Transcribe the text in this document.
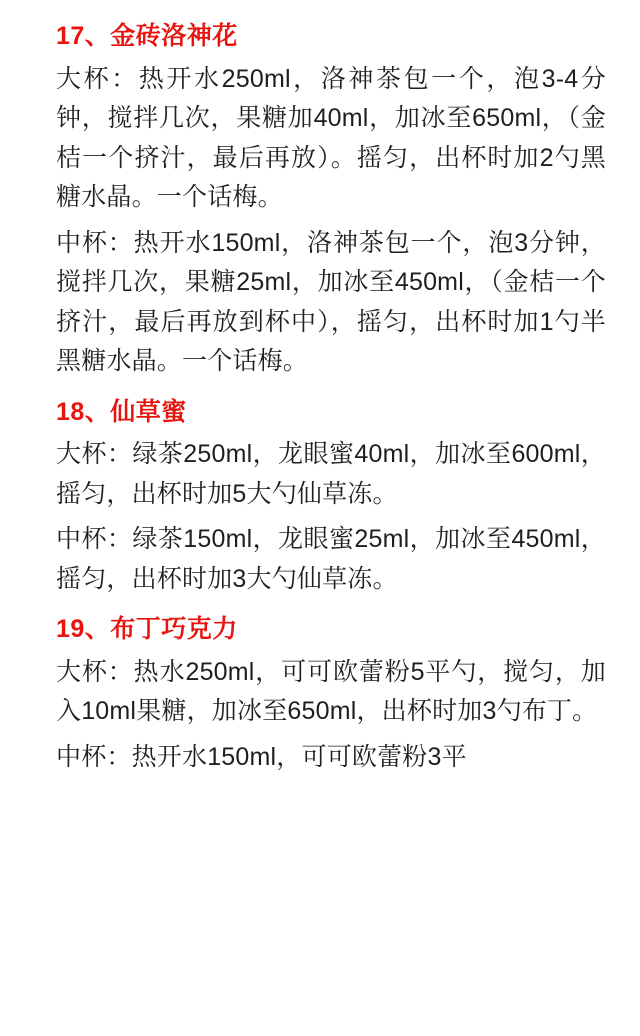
17、金砖洛神花

大杯：热开水250ml，洛神茶包一个，泡3-4分钟，搅拌几次，果糖加40ml，加冰至650ml，（金桔一个挤汁，最后再放）。摇匀，出杯时加2勺黑糖水晶。一个话梅。

中杯：热开水150ml，洛神茶包一个，泡3分钟，搅拌几次，果糖25ml，加冰至450ml，（金桔一个挤汁，最后再放到杯中），摇匀，出杯时加1勺半黑糖水晶。一个话梅。

18、仙草蜜

大杯：绿茶250ml，龙眼蜜40ml，加冰至600ml，摇匀，出杯时加5大勺仙草冻。

中杯：绿茶150ml，龙眼蜜25ml，加冰至450ml，摇匀，出杯时加3大勺仙草冻。

19、布丁巧克力

大杯：热水250ml，可可欧蕾粉5平勺，搅匀，加入10ml果糖，加冰至650ml，出杯时加3勺布丁。

中杯：热开水150ml，可可欧蕾粉3平
